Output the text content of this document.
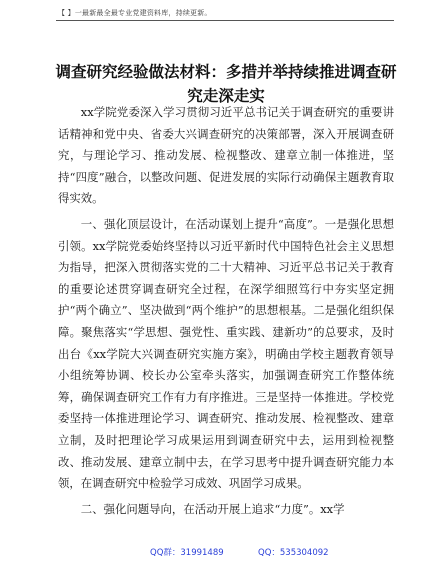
【 】一最新最全最专业党建资料库，持续更新。
调查研究经验做法材料：多措并举持续推进调查研究走深走实

xx学院党委深入学习贯彻习近平总书记关于调查研究的重要讲话精神和党中央、省委大兴调查研究的决策部署，深入开展调查研究，与理论学习、推动发展、检视整改、建章立制一体推进，坚持“四度”融合，以整改问题、促进发展的实际行动确保主题教育取得实效。

一、强化顶层设计，在活动谋划上提升“高度”。一是强化思想引领。xx学院党委始终坚持以习近平新时代中国特色社会主义思想为指导，把深入贯彻落实党的二十大精神、习近平总书记关于教育的重要论述贯穿调查研究全过程，在深学细照笃行中夯实坚定拥护“两个确立”、坚决做到“两个维护”的思想根基。二是强化组织保障。聚焦落实“学思想、强党性、重实践、建新功”的总要求，及时出台《xx学院大兴调查研究实施方案》，明确由学校主题教育领导小组统筹协调、校长办公室牵头落实，加强调查研究工作整体统筹，确保调查研究工作有力有序推进。三是坚持一体推进。学校党委坚持一体推进理论学习、调查研究、推动发展、检视整改、建章立制，及时把理论学习成果运用到调查研究中去，运用到检视整改、推动发展、建章立制中去，在学习思考中提升调查研究能力本领，在调查研究中检验学习成效、巩固学习成果。

二、强化问题导向，在活动开展上追求“力度”。xx学

QQ群：31991489	QQ：535304092
